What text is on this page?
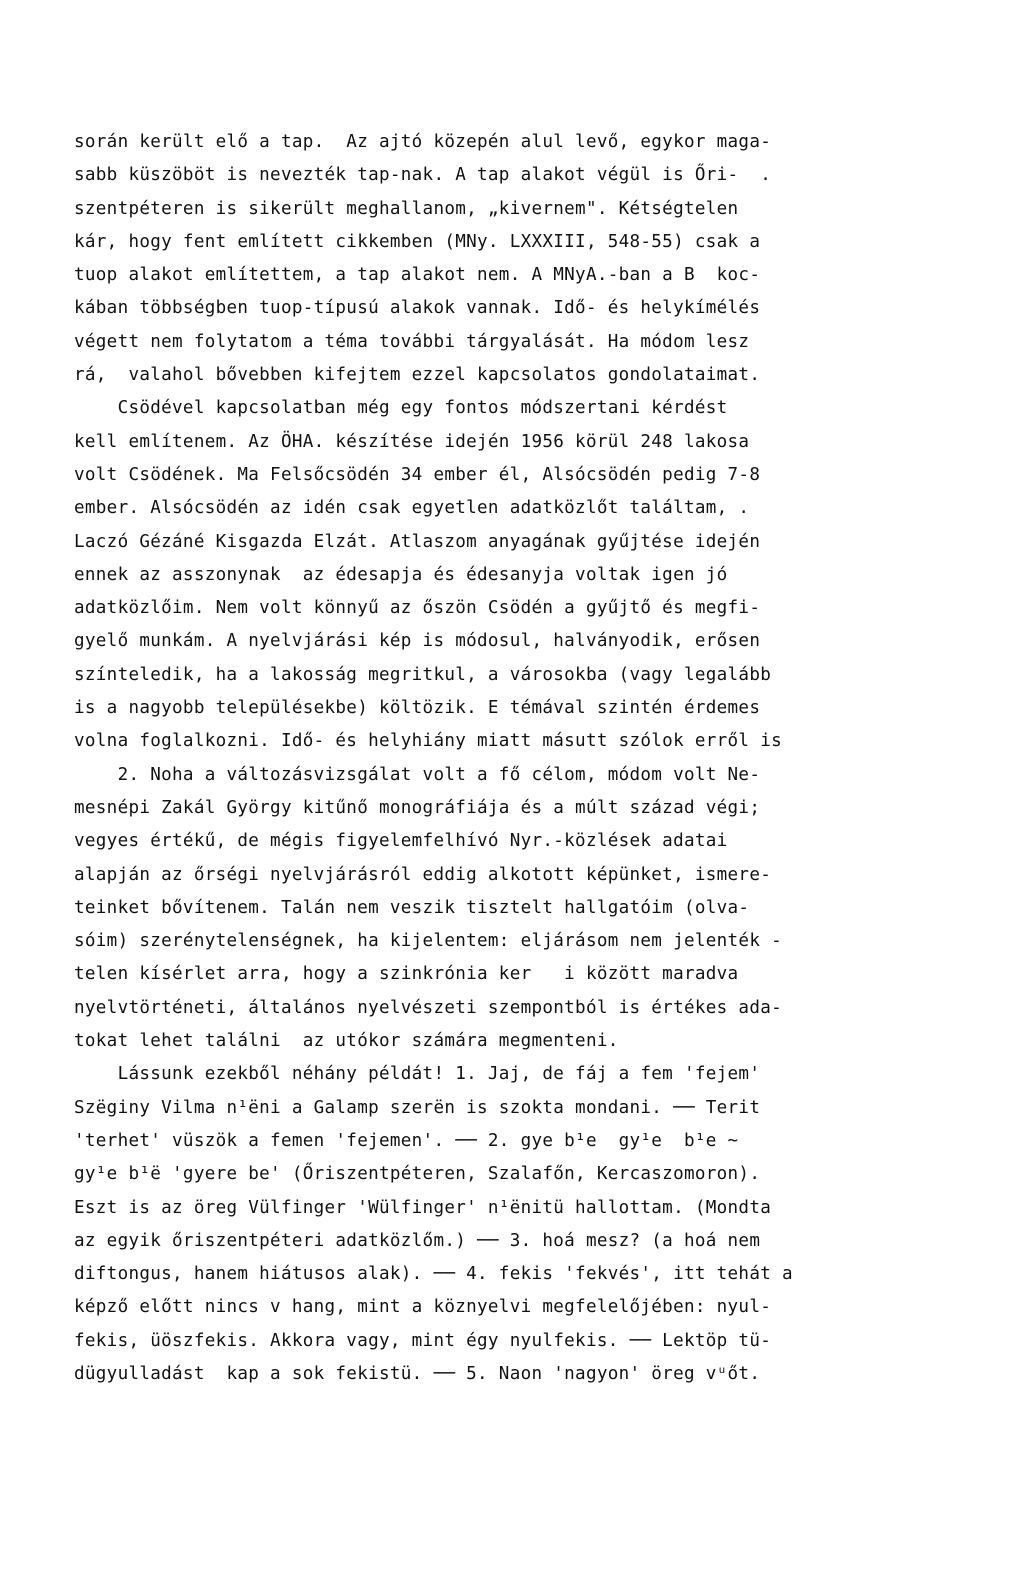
során került elő a tap.  Az ajtó közepén alul levő, egykor maga-
sabb küszöböt is nevezték tap-nak. A tap alakot végül is Őri-  .
szentpéteren is sikerült meghallanom, „kivernem". Kétségtelen
kár, hogy fent említett cikkemben (MNy. LXXXIII, 548-55) csak a
tuop alakot említettem, a tap alakot nem. A MNyA.-ban a B  koc-
kában többségben tuop-típusú alakok vannak. Idő- és helykímélés
végett nem folytatom a téma további tárgyalását. Ha módom lesz
rá,  valahol bővebben kifejtem ezzel kapcsolatos gondolataimat.
Csödével kapcsolatban még egy fontos módszertani kérdést
kell említenem. Az ÖHA. készítése idején 1956 körül 248 lakosa
volt Csödének. Ma Felsőcsödén 34 ember él, Alsócsödén pedig 7-8
ember. Alsócsödén az idén csak egyetlen adatközlőt találtam, .
Laczó Gézáné Kisgazda Elzát. Atlaszom anyagának gyűjtése idején
ennek az asszonynak  az édesapja és édesanyja voltak igen jó
adatközlőim. Nem volt könnyű az őszön Csödén a gyűjtő és megfi-
gyelő munkám. A nyelvjárási kép is módosul, halványodik, erősen
színteledik, ha a lakosság megritkul, a városokba (vagy legalább
is a nagyobb településekbe) költözik. E témával szintén érdemes
volna foglalkozni. Idő- és helyhiány miatt másutt szólok erről is
2. Noha a változásvizsgálat volt a fő célom, módom volt Ne-
mesnépi Zakál György kitűnő monográfiája és a múlt század végi;
vegyes értékű, de mégis figyelemfelhívó Nyr.-közlések adatai
alapján az őrségi nyelvjárásról eddig alkotott képünket, ismere-
teinket bővítenem. Talán nem veszik tisztelt hallgatóim (olva-
sóim) szerénytelenségnek, ha kijelentem: eljárásom nem jelenték -
telen kísérlet arra, hogy a szinkrónia ker   i között maradva
nyelvtörténeti, általános nyelvészeti szempontból is értékes ada-
tokat lehet találni  az utókor számára megmenteni.
Lássunk ezekből néhány példát! 1. Jaj, de fáj a fem 'fejem'
Szëginy Vilma n¹ëni a Galamp szerën is szokta mondani. ── Terit
'terhet' vüszök a femen 'fejemen'. ── 2. gye b¹e  gy¹e  b¹e ~
gy¹e b¹ë 'gyere be' (Őriszentpéteren, Szalafőn, Kercaszomoron).
Eszt is az öreg Vülfinger 'Wülfinger' n¹ënitü hallottam. (Mondta
az egyik őriszentpéteri adatközlőm.) ── 3. hoá mesz? (a hoá nem
diftongus, hanem hiátusos alak). ── 4. fekis 'fekvés', itt tehát a
képző előtt nincs v hang, mint a köznyelvi megfelelőjében: nyul-
fekis, üöszfekis. Akkora vagy, mint égy nyulfekis. ── Lektöp tü-
dügyulladást  kap a sok fekistü. ── 5. Naon 'nagyon' öreg vᵘőt.
